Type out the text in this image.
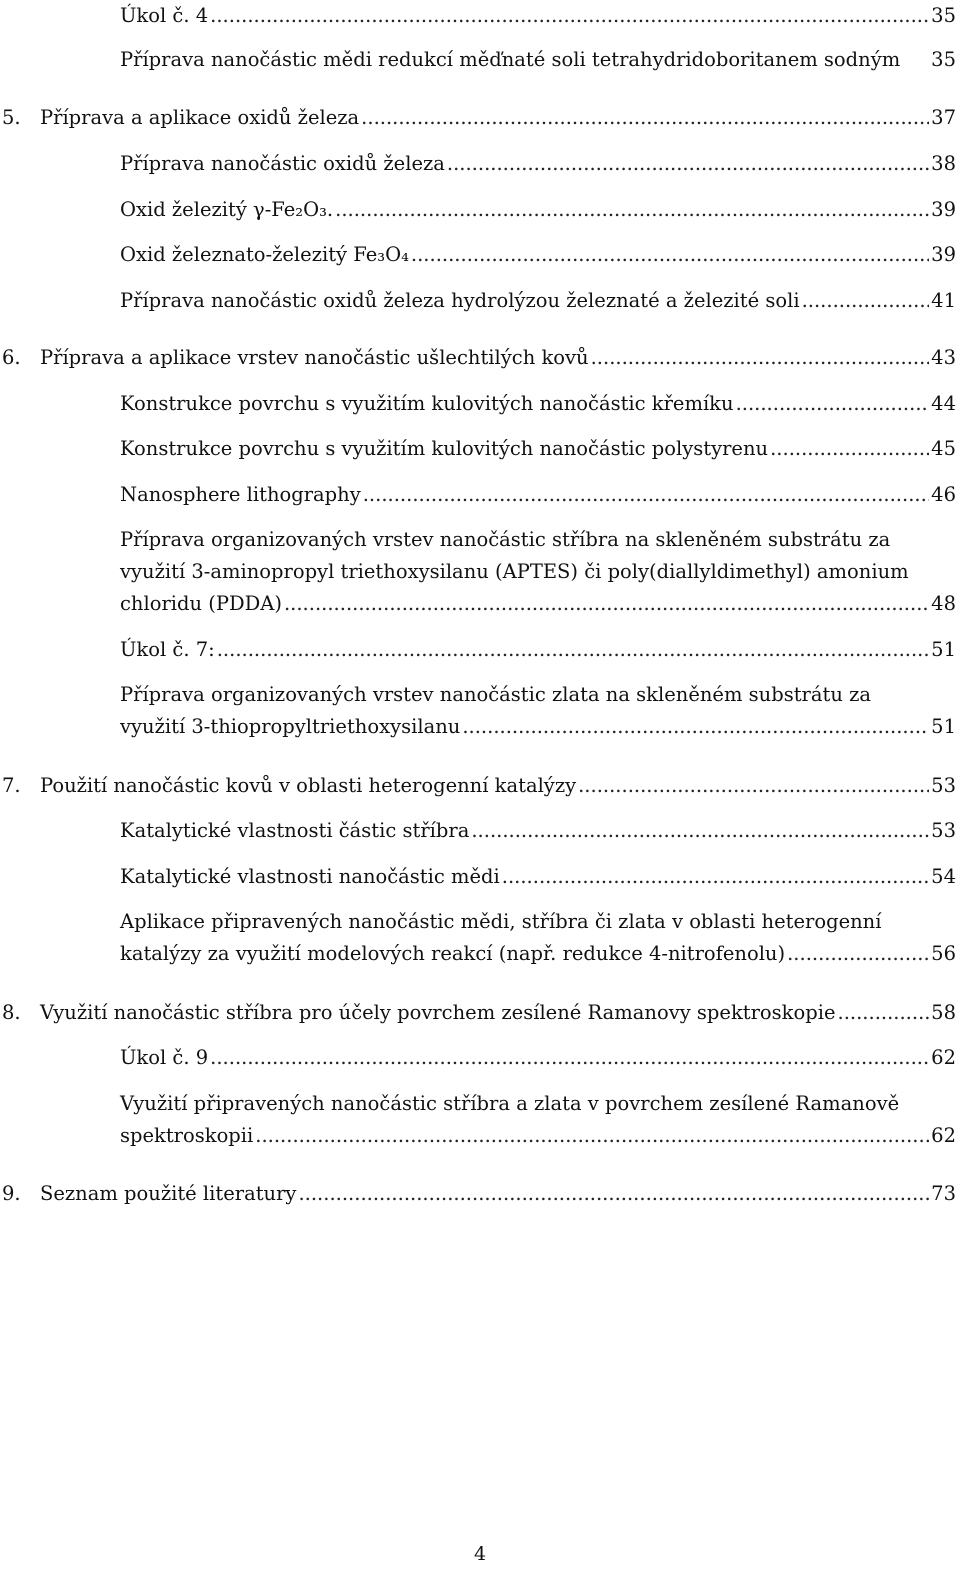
Úkol č. 4 .....	35
Příprava nanočástic mědi redukcí měďnaté soli tetrahydridoboritanem sodným 35
5. Příprava a aplikace oxidů železa .....	37
Příprava nanočástic oxidů železa .....	38
Oxid železitý γ-Fe₂O₃. .....	39
Oxid železnato-železitý Fe₃O₄ .....	39
Příprava nanočástic oxidů železa hydrolýzou železnaté a železité soli .....	41
6. Příprava a aplikace vrstev nanočástic ušlechtilých kovů .....	43
Konstrukce povrchu s využitím kulovitých nanočástic křemíku .....	44
Konstrukce povrchu s využitím kulovitých nanočástic polystyrenu .....	45
Nanosphere lithography .....	46
Příprava organizovaných vrstev nanočástic stříbra na skleněném substrátu za
využití 3-aminopropyl triethoxysilanu (APTES) či poly(diallyldimethyl) amonium
chloridu (PDDA) .....	48
Úkol č. 7: .....	51
Příprava organizovaných vrstev nanočástic zlata na skleněném substrátu za
využití 3-thiopropyltriethoxysilanu .....	51
7. Použití nanočástic kovů v oblasti heterogenní katalýzy .....	53
Katalytické vlastnosti částic stříbra .....	53
Katalytické vlastnosti nanočástic mědi .....	54
Aplikace připravených nanočástic mědi, stříbra či zlata v oblasti heterogenní
katalýzy za využití modelových reakcí (např. redukce 4-nitrofenolu) .....	56
8. Využití nanočástic stříbra pro účely povrchem zesílené Ramanovy spektroskopie .....	58
Úkol č. 9 .....	62
Využití připravených nanočástic stříbra a zlata v povrchem zesílené Ramanově
spektroskopii .....	62
9. Seznam použité literatury .....	73
4
